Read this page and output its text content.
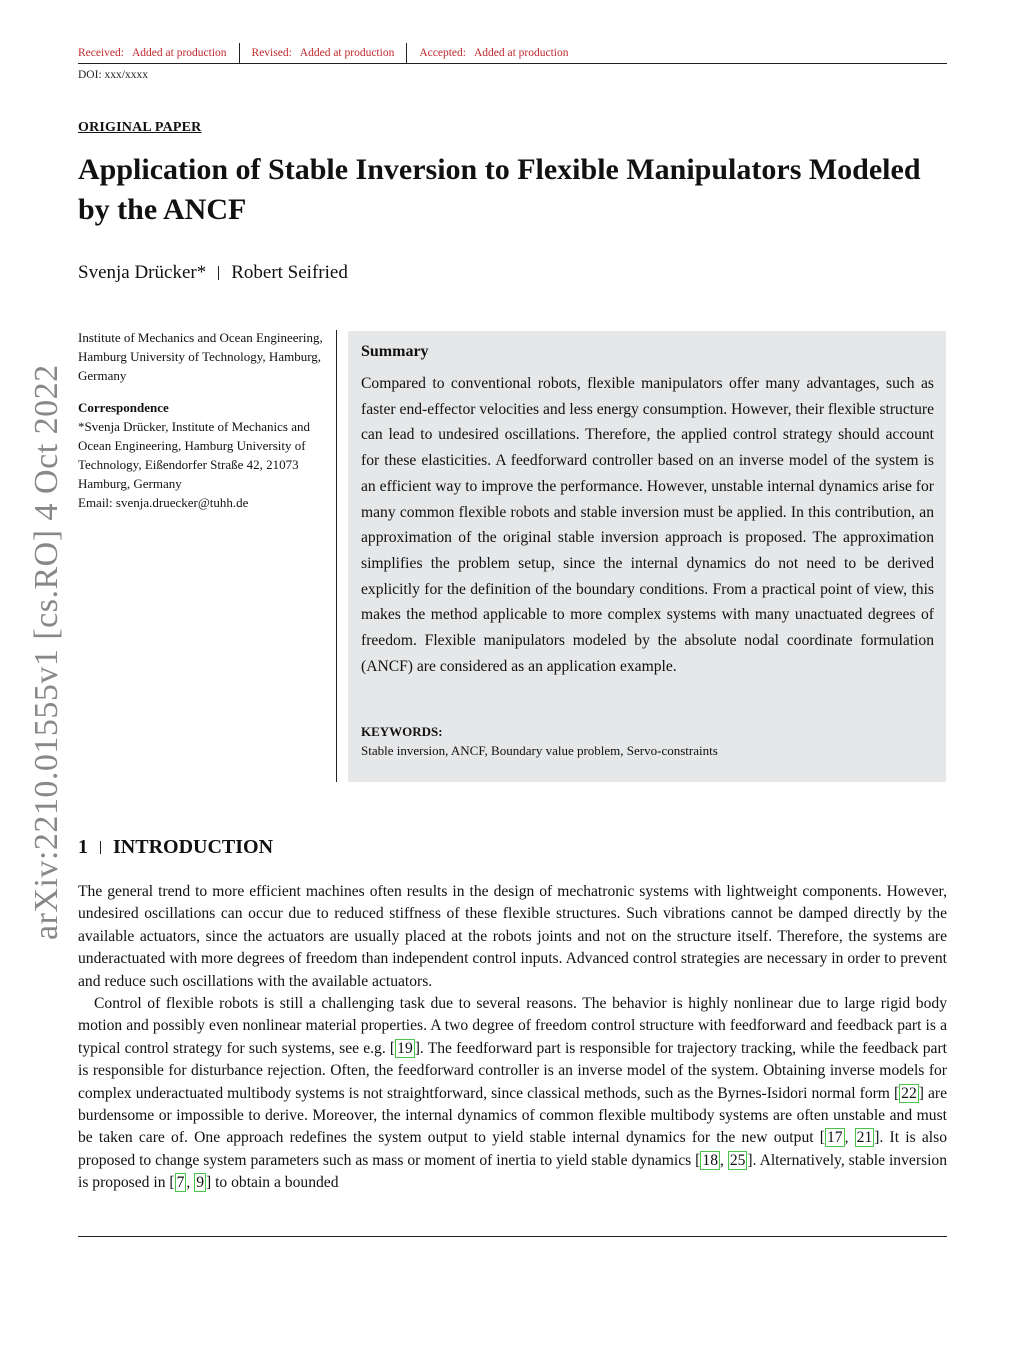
Received: Added at production Revised: Added at production Accepted: Added at production
DOI: xxx/xxxx
ORIGINAL PAPER
Application of Stable Inversion to Flexible Manipulators Modeled
by the ANCF
Svenja Drücker* Robert Seifried
Institute of Mechanics and Ocean Engineering, Hamburg University of Technology, Hamburg, Germany
Correspondence
*Svenja Drücker, Institute of Mechanics and Ocean Engineering, Hamburg University of Technology, Eißendorfer Straße 42, 21073 Hamburg, Germany
Email: svenja.druecker@tuhh.de
Summary
Compared to conventional robots, flexible manipulators offer many advantages, such as faster end-effector velocities and less energy consumption. However, their flexible structure can lead to undesired oscillations. Therefore, the applied control strategy should account for these elasticities. A feedforward controller based on an inverse model of the system is an efficient way to improve the performance. However, unstable internal dynamics arise for many common flexible robots and stable inversion must be applied. In this contribution, an approximation of the original stable inversion approach is proposed. The approximation simplifies the problem setup, since the internal dynamics do not need to be derived explicitly for the definition of the boundary conditions. From a practical point of view, this makes the method applicable to more complex systems with many unactuated degrees of freedom. Flexible manipulators modeled by the absolute nodal coordinate formulation (ANCF) are considered as an application example.
KEYWORDS:
Stable inversion, ANCF, Boundary value problem, Servo-constraints
arXiv:2210.01555v1 [cs.RO] 4 Oct 2022 1 INTRODUCTION
The general trend to more efficient machines often results in the design of mechatronic systems with lightweight components. However, undesired oscillations can occur due to reduced stiffness of these flexible structures. Such vibrations cannot be damped directly by the available actuators, since the actuators are usually placed at the robots joints and not on the structure itself. Therefore, the systems are underactuated with more degrees of freedom than independent control inputs. Advanced control strategies are necessary in order to prevent and reduce such oscillations with the available actuators.
Control of flexible robots is still a challenging task due to several reasons. The behavior is highly nonlinear due to large rigid body motion and possibly even nonlinear material properties. A two degree of freedom control structure with feedforward and feedback part is a typical control strategy for such systems, see e.g. [ 19 ]. The feedforward part is responsible for trajectory tracking, while the feedback part is responsible for disturbance rejection. Often, the feedforward controller is an inverse model of the system. Obtaining inverse models for complex underactuated multibody systems is not straightforward, since classical methods, such as the Byrnes-Isidori normal form [ 22 ] are burdensome or impossible to derive. Moreover, the internal dynamics of common flexible multibody systems are often unstable and must be taken care of. One approach redefines the system output to yield stable internal dynamics for the new output [ 17 , 21 ]. It is also proposed to change system parameters such as mass or moment of inertia to yield stable dynamics [ 18 , 25 ]. Alternatively, stable inversion is proposed in [ 7 , 9 ] to obtain a bounded
